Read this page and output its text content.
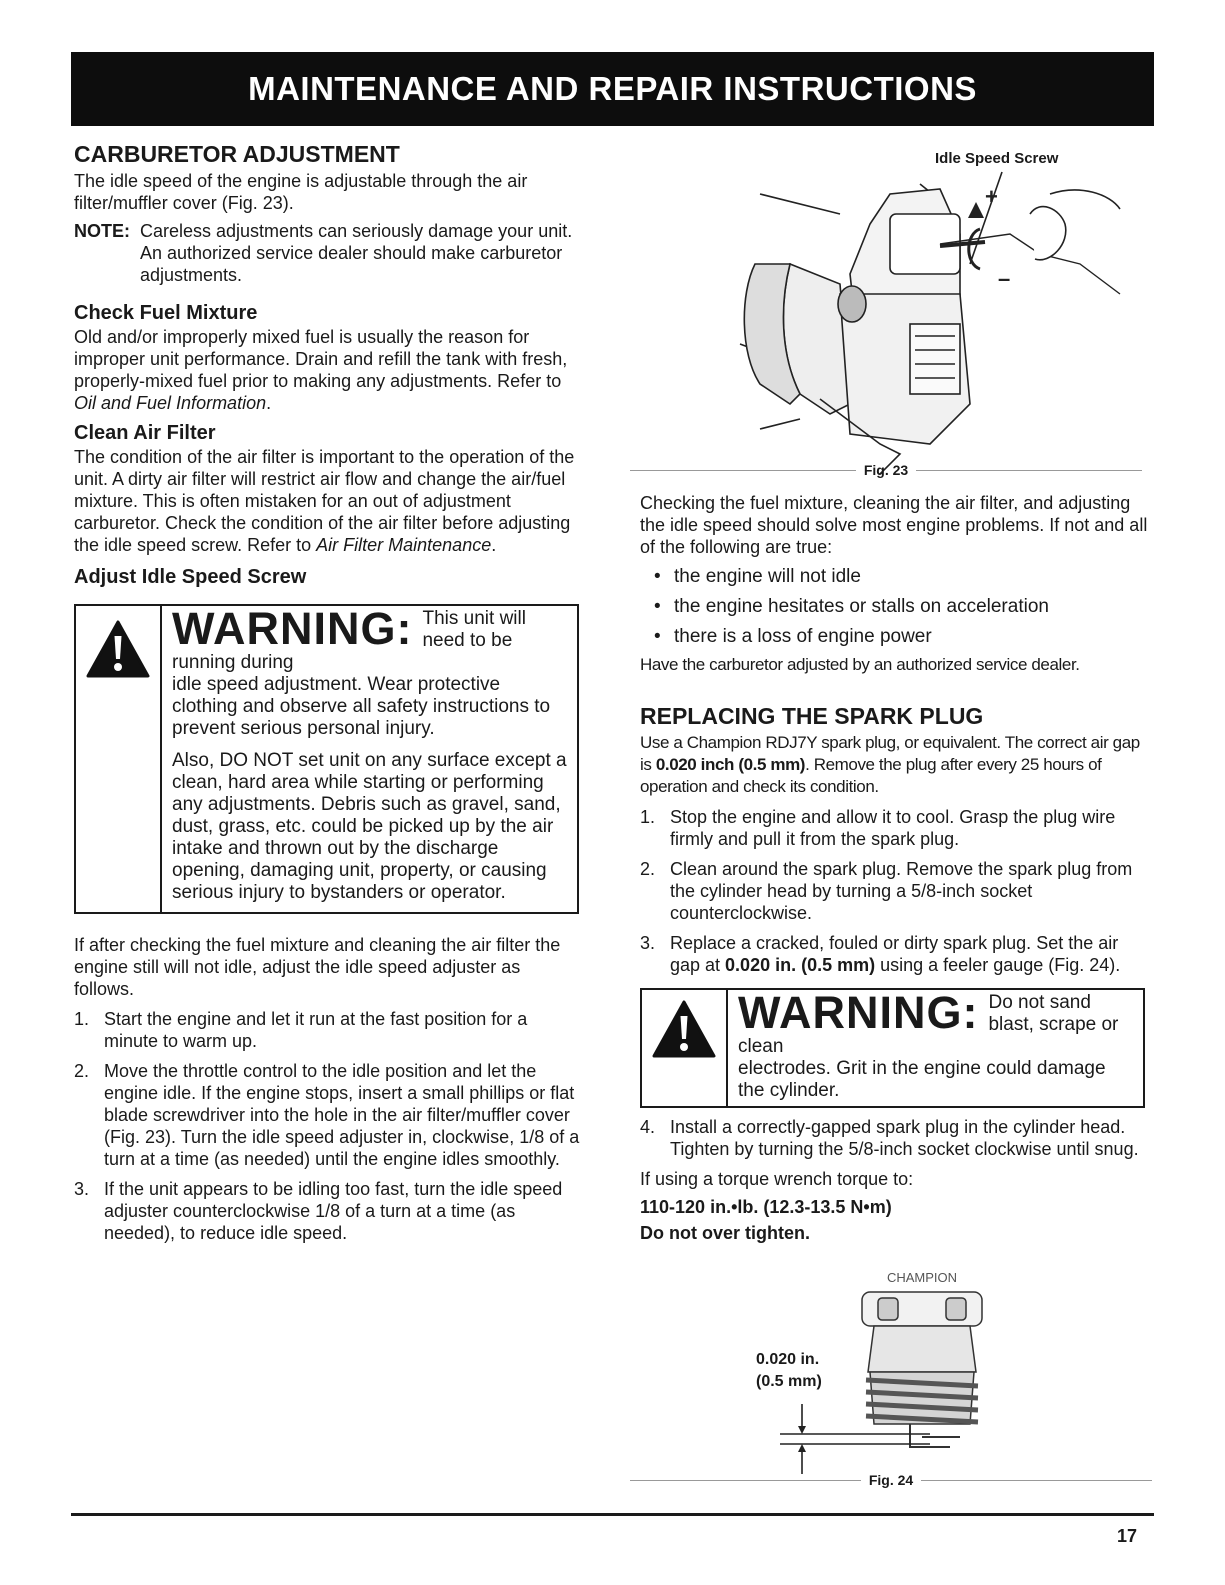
MAINTENANCE AND REPAIR INSTRUCTIONS
CARBURETOR ADJUSTMENT

The idle speed of the engine is adjustable through the air filter/muffler cover (Fig. 23).

NOTE: Careless adjustments can seriously damage your unit. An authorized service dealer should make carburetor adjustments.
Check Fuel Mixture

Old and/or improperly mixed fuel is usually the reason for improper unit performance. Drain and refill the tank with fresh, properly-mixed fuel prior to making any adjustments. Refer to Oil and Fuel Information.

Clean Air Filter

The condition of the air filter is important to the operation of the unit. A dirty air filter will restrict air flow and change the air/fuel mixture. This is often mistaken for an out of adjustment carburetor. Check the condition of the air filter before adjusting the idle speed screw. Refer to Air Filter Maintenance.

Adjust Idle Speed Screw
WARNING: This unit will need to be running during
idle speed adjustment. Wear protective clothing and observe all safety instructions to prevent serious personal injury.
Also, DO NOT set unit on any surface except a clean, hard area while starting or performing any adjustments. Debris such as gravel, sand, dust, grass, etc. could be picked up by the air intake and thrown out by the discharge opening, damaging unit, property, or causing serious injury to bystanders or operator.

If after checking the fuel mixture and cleaning the air filter the engine still will not idle, adjust the idle speed adjuster as follows.

1. Start the engine and let it run at the fast position for a minute to warm up.
2. Move the throttle control to the idle position and let the engine idle. If the engine stops, insert a small phillips or flat blade screwdriver into the hole in the air filter/muffler cover (Fig. 23). Turn the idle speed adjuster in, clockwise, 1/8 of a turn at a time (as needed) until the engine idles smoothly.
3. If the unit appears to be idling too fast, turn the idle speed adjuster counterclockwise 1/8 of a turn at a time (as needed), to reduce idle speed.
Idle Speed Screw
+
–
Fig. 23

Checking the fuel mixture, cleaning the air filter, and adjusting the idle speed should solve most engine problems. If not and all of the following are true:

• the engine will not idle
• the engine hesitates or stalls on acceleration
• there is a loss of engine power

Have the carburetor adjusted by an authorized service dealer.

REPLACING THE SPARK PLUG

Use a Champion RDJ7Y spark plug, or equivalent. The correct air gap is 0.020 inch (0.5 mm). Remove the plug after every 25 hours of operation and check its condition.

1. Stop the engine and allow it to cool. Grasp the plug wire firmly and pull it from the spark plug.
2. Clean around the spark plug. Remove the spark plug from the cylinder head by turning a 5/8-inch socket counterclockwise.
3. Replace a cracked, fouled or dirty spark plug. Set the air gap at 0.020 in. (0.5 mm) using a feeler gauge (Fig. 24).
WARNING: Do not sand blast, scrape or clean
electrodes. Grit in the engine could damage the cylinder.
4. Install a correctly-gapped spark plug in the cylinder head. Tighten by turning the 5/8-inch socket clockwise until snug.

If using a torque wrench torque to:

110-120 in.•lb. (12.3-13.5 N•m)

Do not over tighten.

CHAMPION
0.020 in.
(0.5 mm)
Fig. 24
17
